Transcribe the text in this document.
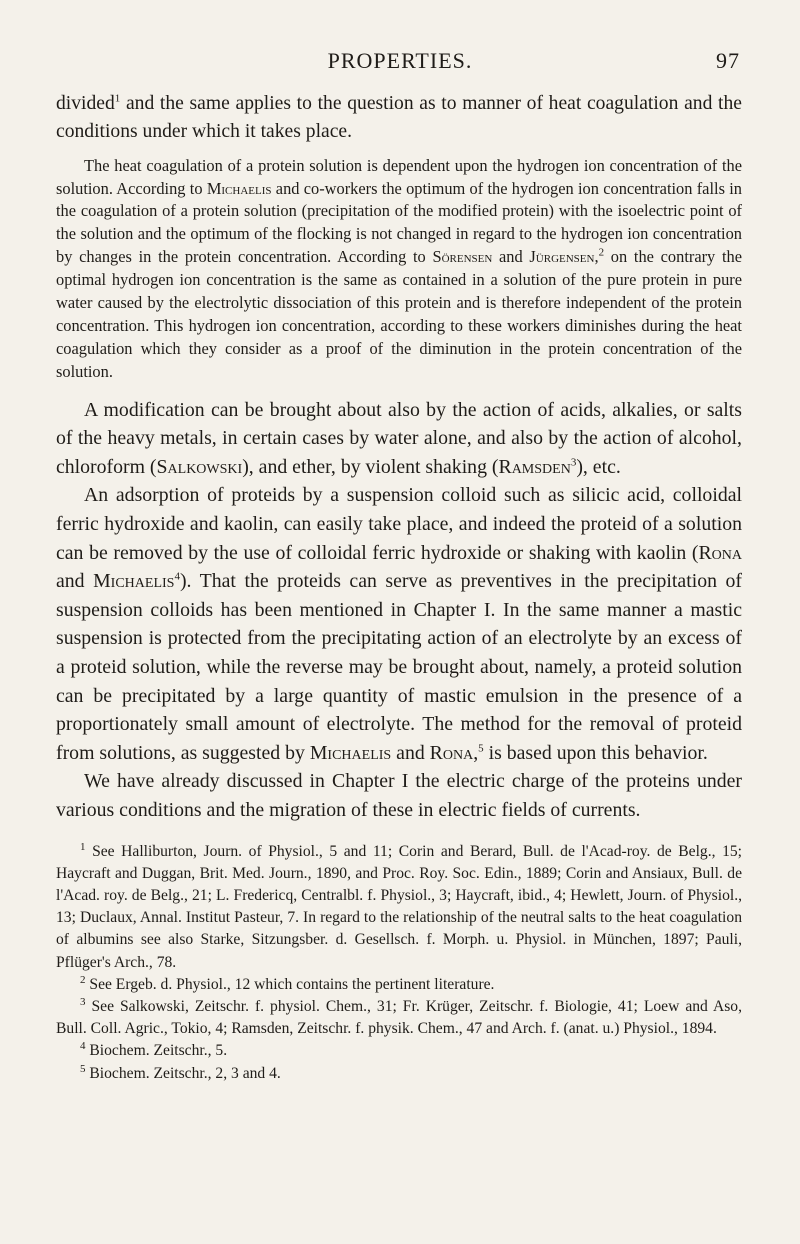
PROPERTIES.	97

divided$^1$ and the same applies to the question as to manner of heat coagulation and the conditions under which it takes place.

The heat coagulation of a protein solution is dependent upon the hydrogen ion concentration of the solution. According to Michaelis and co-workers the optimum of the hydrogen ion concentration falls in the coagulation of a protein solution (precipitation of the modified protein) with the isoelectric point of the solution and the optimum of the flocking is not changed in regard to the hydrogen ion concentration by changes in the protein concentration. According to Sörensen and Jürgensen,$^2$ on the contrary the optimal hydrogen ion concentration is the same as contained in a solution of the pure protein in pure water caused by the electrolytic dissociation of this protein and is therefore independent of the protein concentration. This hydrogen ion concentration, according to these workers diminishes during the heat coagulation which they consider as a proof of the diminution in the protein concentration of the solution.

A modification can be brought about also by the action of acids, alkalies, or salts of the heavy metals, in certain cases by water alone, and also by the action of alcohol, chloroform (Salkowski), and ether, by violent shaking (Ramsden$^3$), etc.

An adsorption of proteids by a suspension colloid such as silicic acid, colloidal ferric hydroxide and kaolin, can easily take place, and indeed the proteid of a solution can be removed by the use of colloidal ferric hydroxide or shaking with kaolin (Rona and Michaelis$^4$). That the proteids can serve as preventives in the precipitation of suspension colloids has been mentioned in Chapter I. In the same manner a mastic suspension is protected from the precipitating action of an electrolyte by an excess of a proteid solution, while the reverse may be brought about, namely, a proteid solution can be precipitated by a large quantity of mastic emulsion in the presence of a proportionately small amount of electrolyte. The method for the removal of proteid from solutions, as suggested by Michaelis and Rona,$^5$ is based upon this behavior.

We have already discussed in Chapter I the electric charge of the proteins under various conditions and the migration of these in electric fields of currents.

$^1$ See Halliburton, Journ. of Physiol., 5 and 11; Corin and Berard, Bull. de l'Acad-roy. de Belg., 15; Haycraft and Duggan, Brit. Med. Journ., 1890, and Proc. Roy. Soc. Edin., 1889; Corin and Ansiaux, Bull. de l'Acad. roy. de Belg., 21; L. Fredericq, Centralbl. f. Physiol., 3; Haycraft, ibid., 4; Hewlett, Journ. of Physiol., 13; Duclaux, Annal. Institut Pasteur, 7. In regard to the relationship of the neutral salts to the heat coagulation of albumins see also Starke, Sitzungsber. d. Gesellsch. f. Morph. u. Physiol. in München, 1897; Pauli, Pflüger's Arch., 78.

$^2$ See Ergeb. d. Physiol., 12 which contains the pertinent literature.

$^3$ See Salkowski, Zeitschr. f. physiol. Chem., 31; Fr. Krüger, Zeitschr. f. Biologie, 41; Loew and Aso, Bull. Coll. Agric., Tokio, 4; Ramsden, Zeitschr. f. physik. Chem., 47 and Arch. f. (anat. u.) Physiol., 1894.

$^4$ Biochem. Zeitschr., 5.

$^5$ Biochem. Zeitschr., 2, 3 and 4.
